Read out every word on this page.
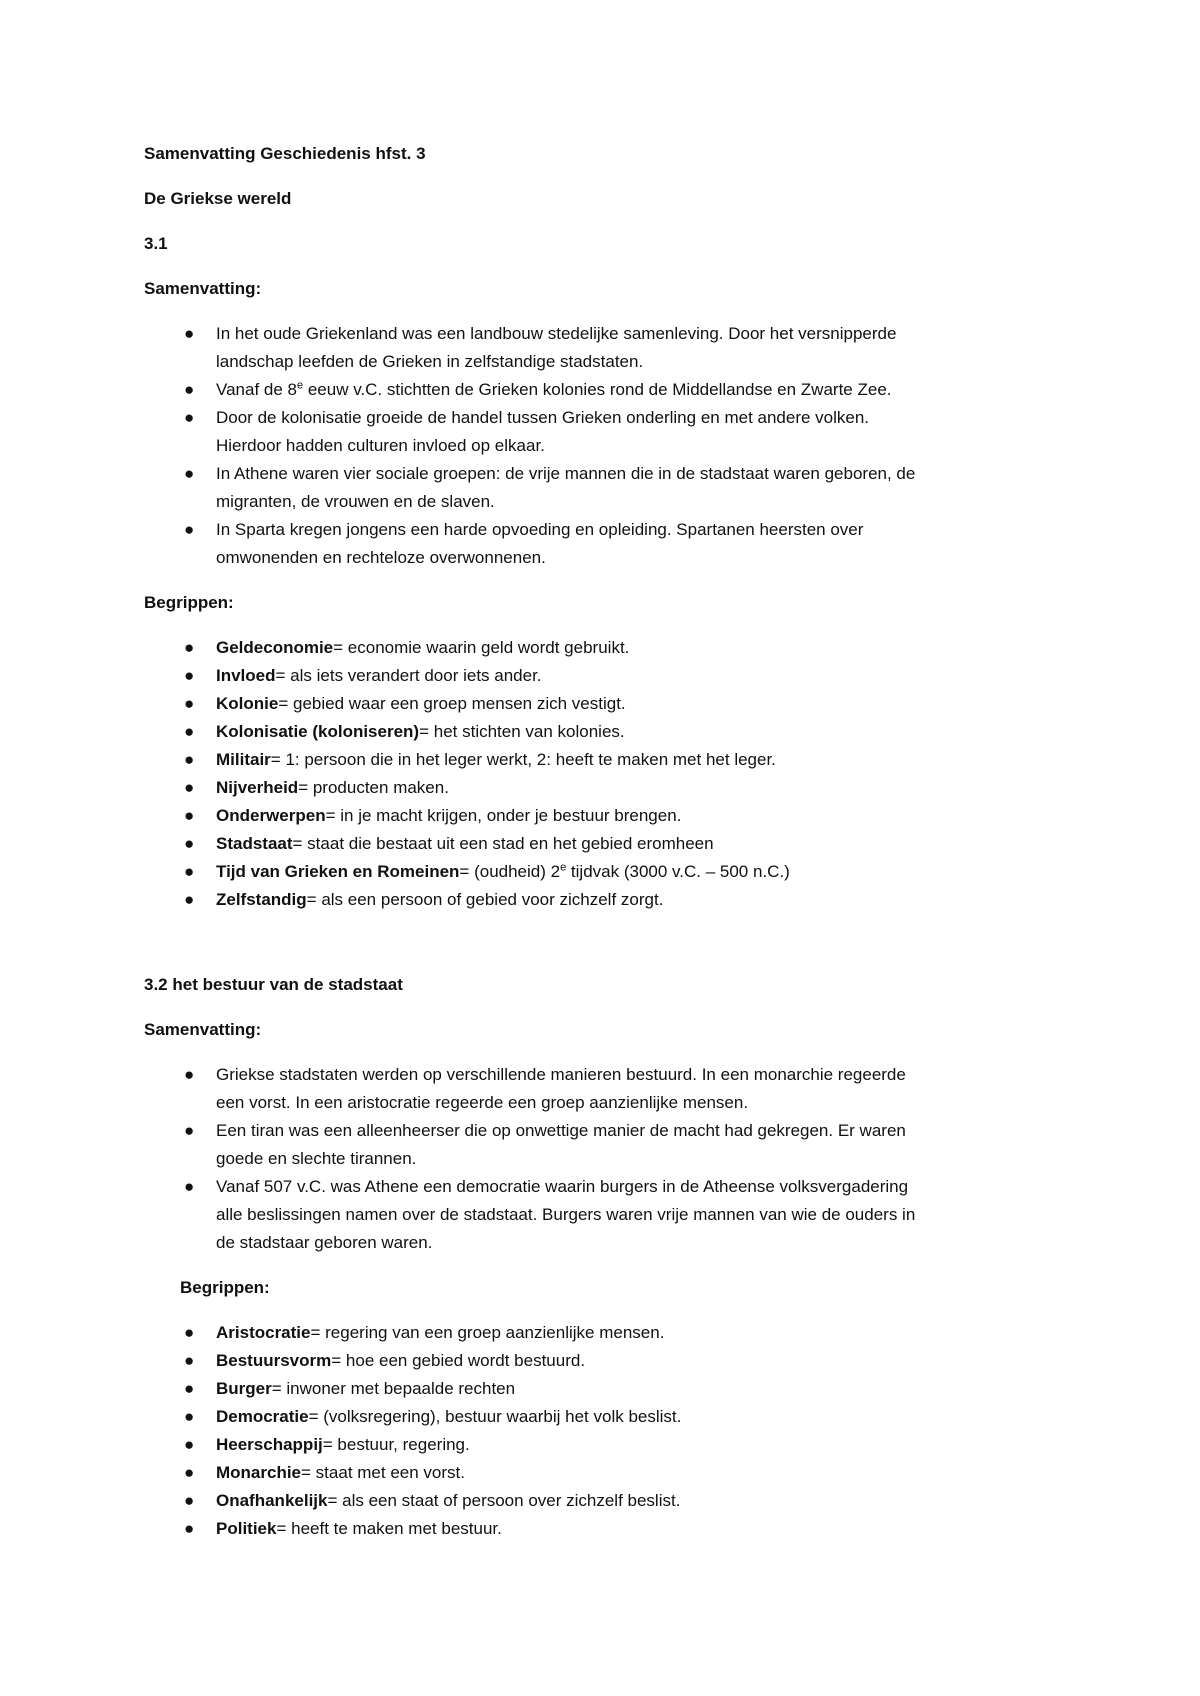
Samenvatting Geschiedenis hfst. 3

De Griekse wereld

3.1

Samenvatting:

● In het oude Griekenland was een landbouw stedelijke samenleving. Door het versnipperde
landschap leefden de Grieken in zelfstandige stadstaten.
● Vanaf de 8e eeuw v.C. stichtten de Grieken kolonies rond de Middellandse en Zwarte Zee.
● Door de kolonisatie groeide de handel tussen Grieken onderling en met andere volken.
Hierdoor hadden culturen invloed op elkaar.
● In Athene waren vier sociale groepen: de vrije mannen die in de stadstaat waren geboren, de
migranten, de vrouwen en de slaven.
● In Sparta kregen jongens een harde opvoeding en opleiding. Spartanen heersten over
omwonenden en rechteloze overwonnenen.

Begrippen:

● Geldeconomie= economie waarin geld wordt gebruikt.
● Invloed= als iets verandert door iets ander.
● Kolonie= gebied waar een groep mensen zich vestigt.
● Kolonisatie (koloniseren)= het stichten van kolonies.
● Militair= 1: persoon die in het leger werkt, 2: heeft te maken met het leger.
● Nijverheid= producten maken.
● Onderwerpen= in je macht krijgen, onder je bestuur brengen.
● Stadstaat= staat die bestaat uit een stad en het gebied eromheen
● Tijd van Grieken en Romeinen= (oudheid) 2e tijdvak (3000 v.C. – 500 n.C.)
● Zelfstandig= als een persoon of gebied voor zichzelf zorgt.

3.2 het bestuur van de stadstaat

Samenvatting:

● Griekse stadstaten werden op verschillende manieren bestuurd. In een monarchie regeerde
een vorst. In een aristocratie regeerde een groep aanzienlijke mensen.
● Een tiran was een alleenheerser die op onwettige manier de macht had gekregen. Er waren
goede en slechte tirannen.
● Vanaf 507 v.C. was Athene een democratie waarin burgers in de Atheense volksvergadering
alle beslissingen namen over de stadstaat. Burgers waren vrije mannen van wie de ouders in
de stadstaar geboren waren.

Begrippen:

● Aristocratie= regering van een groep aanzienlijke mensen.
● Bestuursvorm= hoe een gebied wordt bestuurd.
● Burger= inwoner met bepaalde rechten
● Democratie= (volksregering), bestuur waarbij het volk beslist.
● Heerschappij= bestuur, regering.
● Monarchie= staat met een vorst.
● Onafhankelijk= als een staat of persoon over zichzelf beslist.
● Politiek= heeft te maken met bestuur.
